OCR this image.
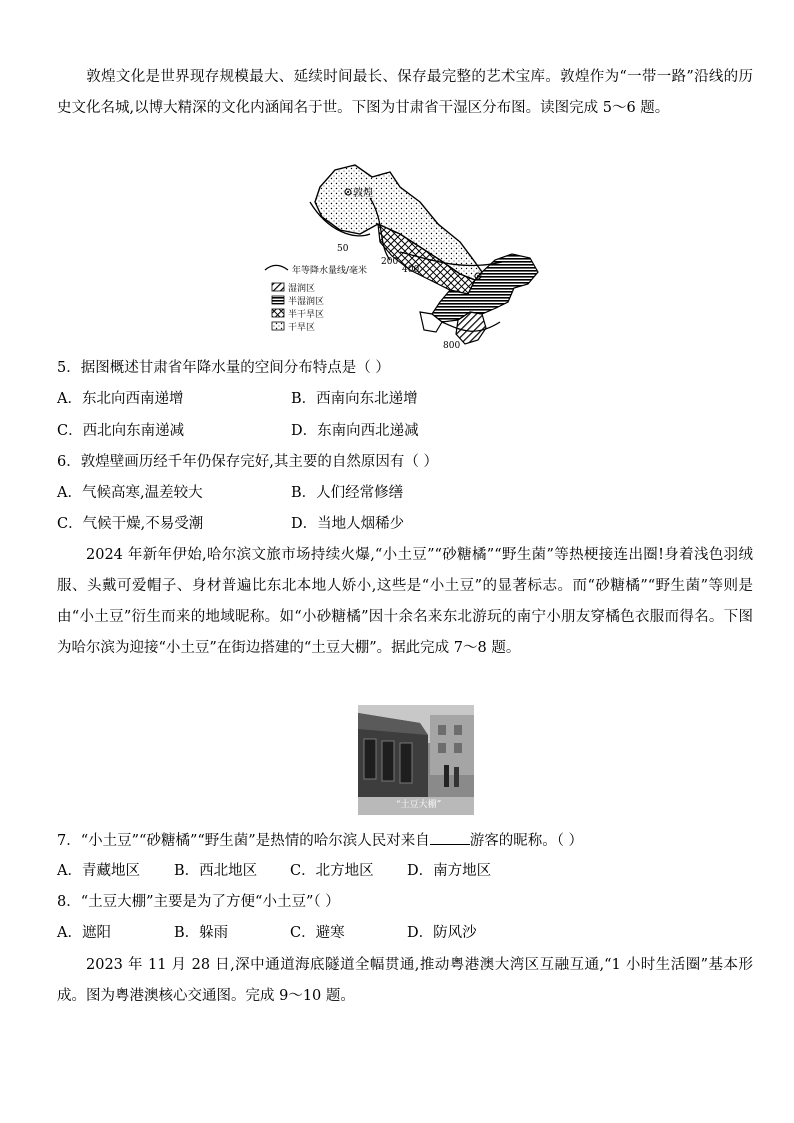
敦煌文化是世界现存规模最大、延续时间最长、保存最完整的艺术宝库。敦煌作为“一带一路”沿线的历史文化名城,以博大精深的文化内涵闻名于世。下图为甘肃省干湿区分布图。读图完成 5～6 题。
敦煌
50
200
400
800
年等降水量线/毫米
湿润区
半湿润区
半干旱区
干旱区
5．据图概述甘肃省年降水量的空间分布特点是（ ）
A．东北向西南递增	B．西南向东北递增
C．西北向东南递减	D．东南向西北递减
6．敦煌壁画历经千年仍保存完好,其主要的自然原因有（ ）
A．气候高寒,温差较大	B．人们经常修缮
C．气候干燥,不易受潮	D．当地人烟稀少
2024 年新年伊始,哈尔滨文旅市场持续火爆,“小土豆”“砂糖橘”“野生菌”等热梗接连出圈!身着浅色羽绒服、头戴可爱帽子、身材普遍比东北本地人娇小,这些是“小土豆”的显著标志。而“砂糖橘”“野生菌”等则是由“小土豆”衍生而来的地域昵称。如“小砂糖橘”因十余名来东北游玩的南宁小朋友穿橘色衣服而得名。下图为哈尔滨为迎接“小土豆”在街边搭建的“土豆大棚”。据此完成 7～8 题。
“土豆大棚”
7．“小土豆”“砂糖橘”“野生菌”是热情的哈尔滨人民对来自	游客的昵称。（ ）
A．青藏地区 B．西北地区 C．北方地区 D．南方地区
8．“土豆大棚”主要是为了方便“小土豆”（ ）
A．遮阳	B．躲雨	C．避寒	D．防风沙
2023 年 11 月 28 日,深中通道海底隧道全幅贯通,推动粤港澳大湾区互融互通,“1 小时生活圈”基本形成。图为粤港澳核心交通图。完成 9～10 题。
